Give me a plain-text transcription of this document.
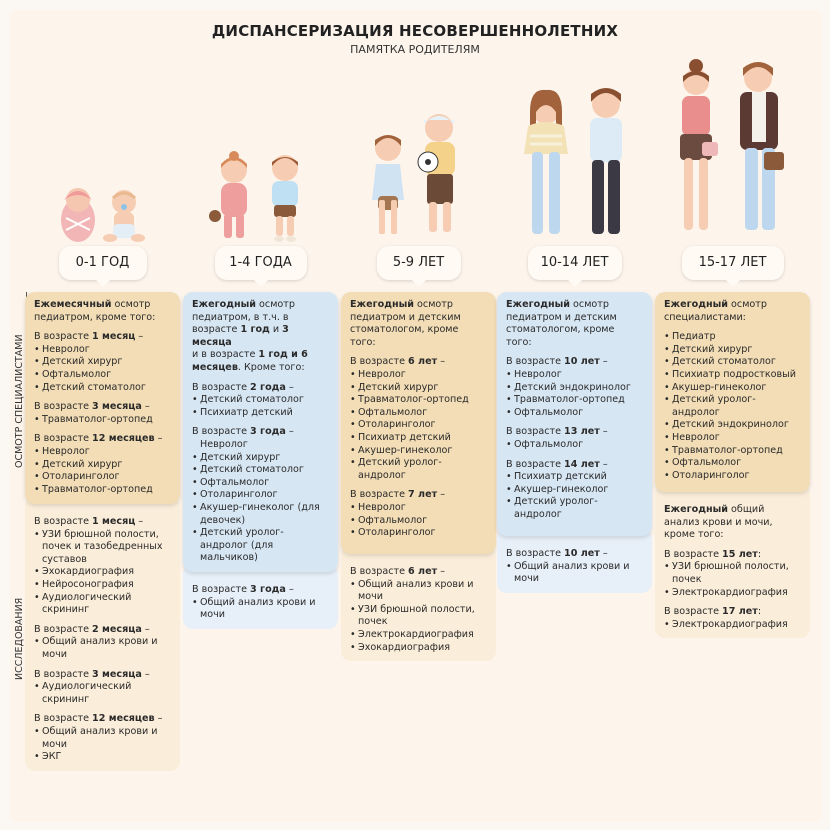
ДИСПАНСЕРИЗАЦИЯ НЕСОВЕРШЕННОЛЕТНИХ
ПАМЯТКА РОДИТЕЛЯМ
ОСМОТР СПЕЦИАЛИСТАМИ
ИССЛЕДОВАНИЯ
0-1 ГОД

В возрасте 1 месяц –

• УЗИ брюшной полости, почек и тазобедренных суставов
• Эхокардиография
• Нейросонография
• Аудиологический скрининг

В возрасте 2 месяца –

• Общий анализ крови и мочи

В возрасте 3 месяца –

• Аудиологический скрининг

В возрасте 12 месяцев –

• Общий анализ крови и мочи
• ЭКГ

Ежемесячный осмотр педиатром, кроме того:

В возрасте 1 месяц –

• Невролог
• Детский хирург
• Офтальмолог
• Детский стоматолог

В возрасте 3 месяца –

• Травматолог-ортопед

В возрасте 12 месяцев –

• Невролог
• Детский хирург
• Отоларинголог
• Травматолог-ортопед
1-4 ГОДА

В возрасте 3 года –

• Общий анализ крови и мочи

Ежегодный осмотр педиатром, в т.ч. в возрасте 1 год и 3 месяца
и в возрасте 1 год и 6 месяцев. Кроме того:

В возрасте 2 года –

• Детский стоматолог
• Психиатр детский

В возрасте 3 года –

Невролог
• Детский хирург
• Детский стоматолог
• Офтальмолог
• Отоларинголог
• Акушер-гинеколог (для девочек)
• Детский уролог-андролог (для мальчиков)
5-9 ЛЕТ

В возрасте 6 лет –

• Общий анализ крови и мочи
• УЗИ брюшной полости, почек
• Электрокардиография
• Эхокардиография

Ежегодный осмотр педиатром и детским стоматологом, кроме того:

В возрасте 6 лет –

• Невролог
• Детский хирург
• Травматолог-ортопед
• Офтальмолог
• Отоларинголог
• Психиатр детский
• Акушер-гинеколог
• Детский уролог-андролог

В возрасте 7 лет –

• Невролог
• Офтальмолог
• Отоларинголог
10-14 ЛЕТ

В возрасте 10 лет –

• Общий анализ крови и мочи

Ежегодный осмотр педиатром и детским стоматологом, кроме того:

В возрасте 10 лет –

• Невролог
• Детский эндокринолог
• Травматолог-ортопед
• Офтальмолог

В возрасте 13 лет –

• Офтальмолог

В возрасте 14 лет –

• Психиатр детский
• Акушер-гинеколог
• Детский уролог-андролог
15-17 ЛЕТ

Ежегодный общий анализ крови и мочи, кроме того:

В возрасте 15 лет:

• УЗИ брюшной полости, почек
• Электрокардиография

В возрасте 17 лет:

• Электрокардиография

Ежегодный осмотр специалистами:

• Педиатр
• Детский хирург
• Детский стоматолог
• Психиатр подростковый
• Акушер-гинеколог
• Детский уролог-андролог
• Детский эндокринолог
• Невролог
• Травматолог-ортопед
• Офтальмолог
• Отоларинголог
